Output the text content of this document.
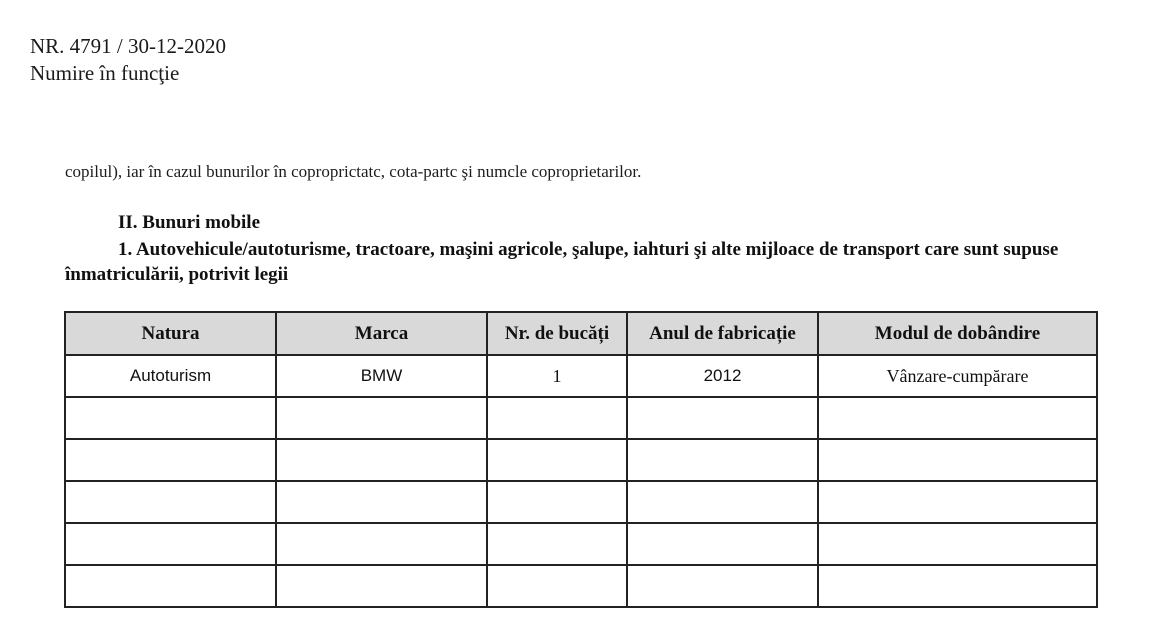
NR. 4791 / 30-12-2020
Numire în funcţie
copilul), iar în cazul bunurilor în coproprictatc, cota-partc şi numcle coproprietarilor.
II. Bunuri mobile
1. Autovehicule/autoturisme, tractoare, maşini agricole, şalupe, iahturi şi alte mijloace de transport care sunt supuse înmatriculării, potrivit legii
Natura	Marca	Nr. de bucăți	Anul de fabricație	Modul de dobândire
Autoturism	BMW	1	2012	Vânzare-cumpărare
